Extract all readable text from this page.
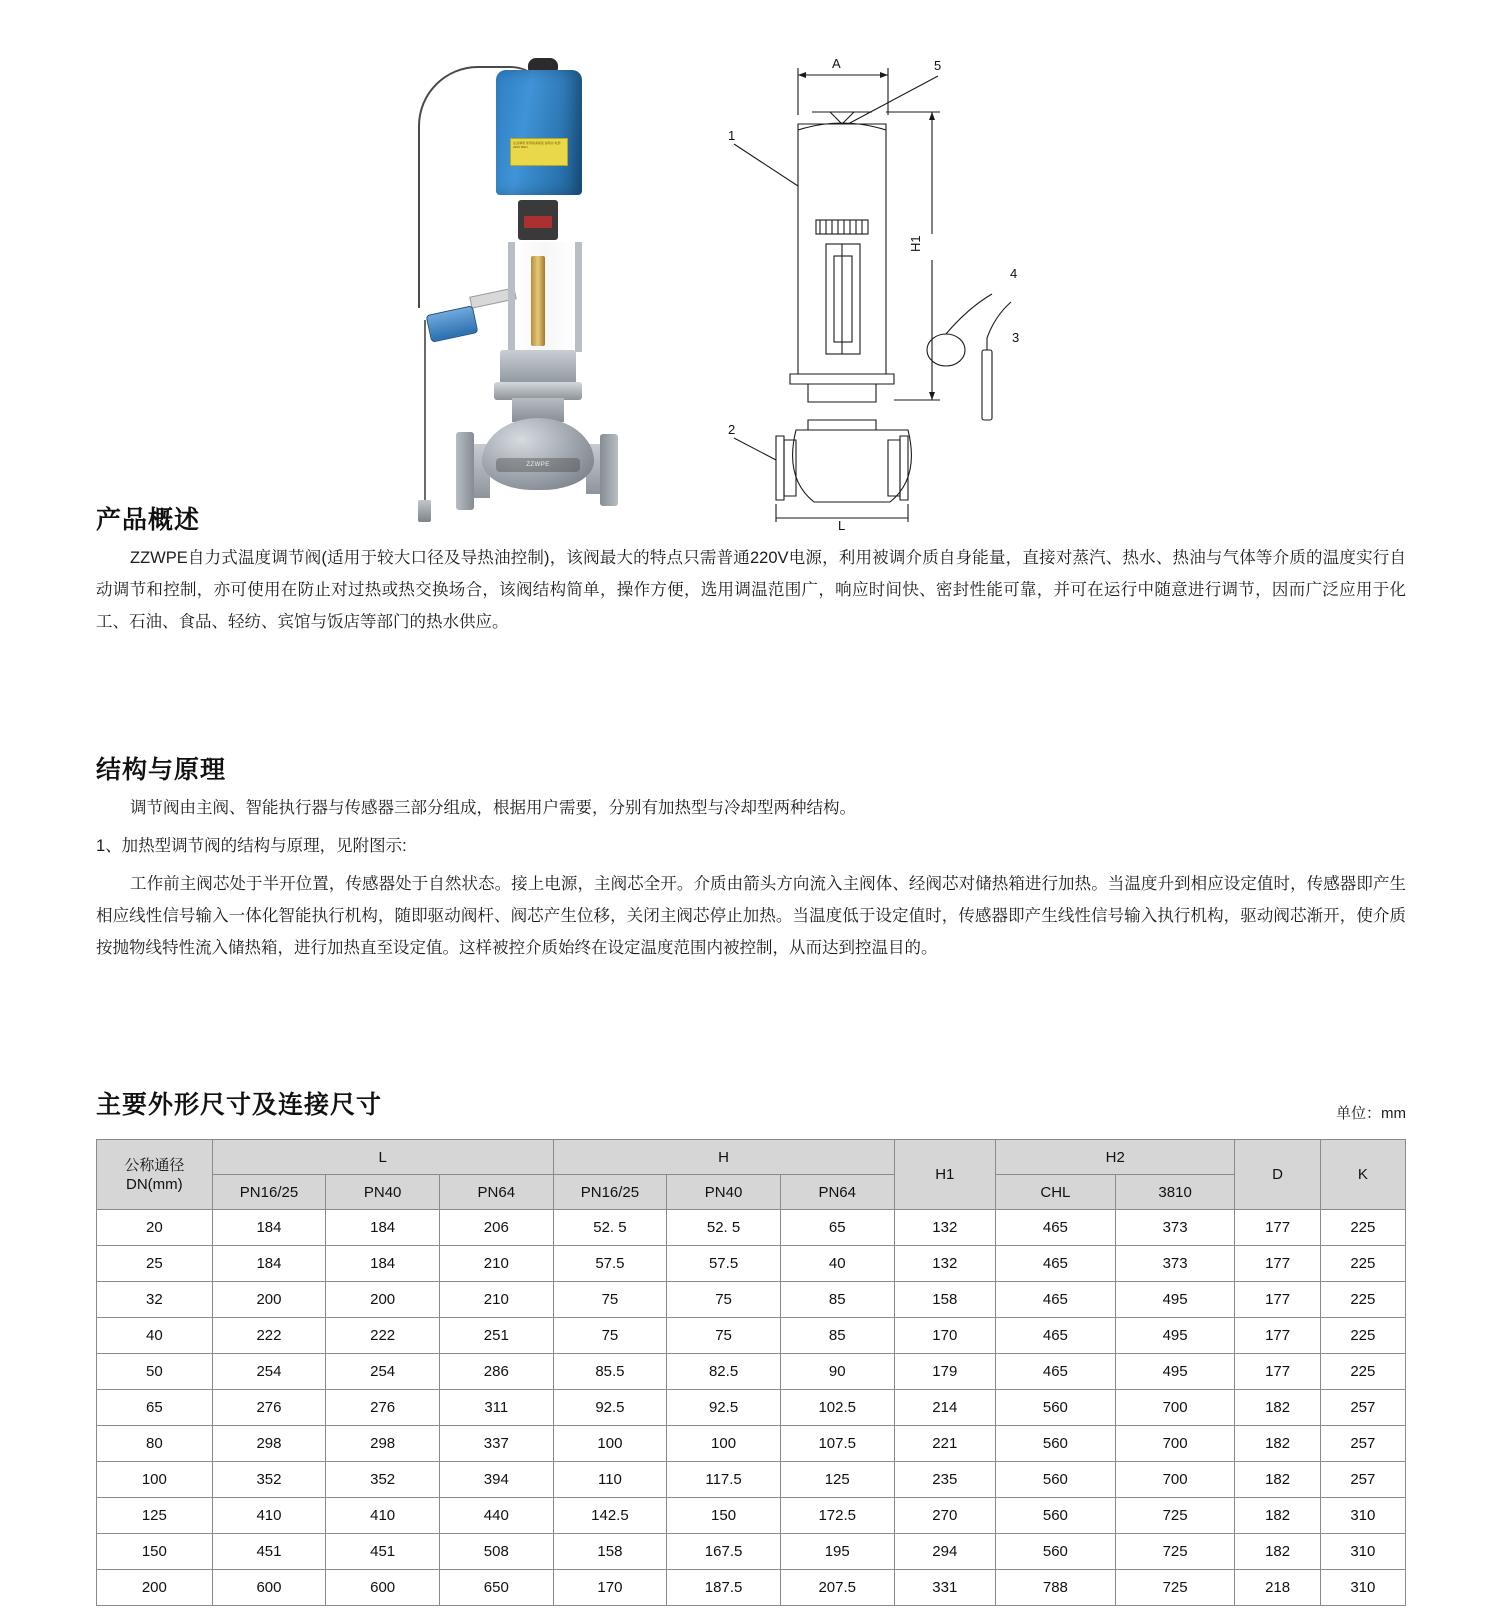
注意事项 使用前请阅读 说明书 电源220V 50Hz
ZZWPE
A
1
2
3
4
5
L
H1
产品概述

ZZWPE自力式温度调节阀(适用于较大口径及导热油控制)，该阀最大的特点只需普通220V电源，利用被调介质自身能量，直接对蒸汽、热水、热油与气体等介质的温度实行自动调节和控制，亦可使用在防止对过热或热交换场合，该阀结构简单，操作方便，选用调温范围广，响应时间快、密封性能可靠，并可在运行中随意进行调节，因而广泛应用于化工、石油、食品、轻纺、宾馆与饭店等部门的热水供应。

结构与原理

调节阀由主阀、智能执行器与传感器三部分组成，根据用户需要，分别有加热型与冷却型两种结构。

1、加热型调节阀的结构与原理，见附图示:

工作前主阀芯处于半开位置，传感器处于自然状态。接上电源，主阀芯全开。介质由箭头方向流入主阀体、经阀芯对储热箱进行加热。当温度升到相应设定值时，传感器即产生相应线性信号输入一体化智能执行机构，随即驱动阀杆、阀芯产生位移，关闭主阀芯停止加热。当温度低于设定值时，传感器即产生线性信号输入执行机构，驱动阀芯渐开，使介质按抛物线特性流入储热箱，进行加热直至设定值。这样被控介质始终在设定温度范围内被控制，从而达到控温目的。

主要外形尺寸及连接尺寸	单位：mm
公称通径
DN(mm)	L			H			H1	H2		D	K
	PN16/25	PN40	PN64	PN16/25	PN40	PN64		CHL	3810		
20	184	184	206	52. 5	52. 5	65	132	465	373	177	225
25	184	184	210	57.5	57.5	40	132	465	373	177	225
32	200	200	210	75	75	85	158	465	495	177	225
40	222	222	251	75	75	85	170	465	495	177	225
50	254	254	286	85.5	82.5	90	179	465	495	177	225
65	276	276	311	92.5	92.5	102.5	214	560	700	182	257
80	298	298	337	100	100	107.5	221	560	700	182	257
100	352	352	394	110	117.5	125	235	560	700	182	257
125	410	410	440	142.5	150	172.5	270	560	725	182	310
150	451	451	508	158	167.5	195	294	560	725	182	310
200	600	600	650	170	187.5	207.5	331	788	725	218	310
